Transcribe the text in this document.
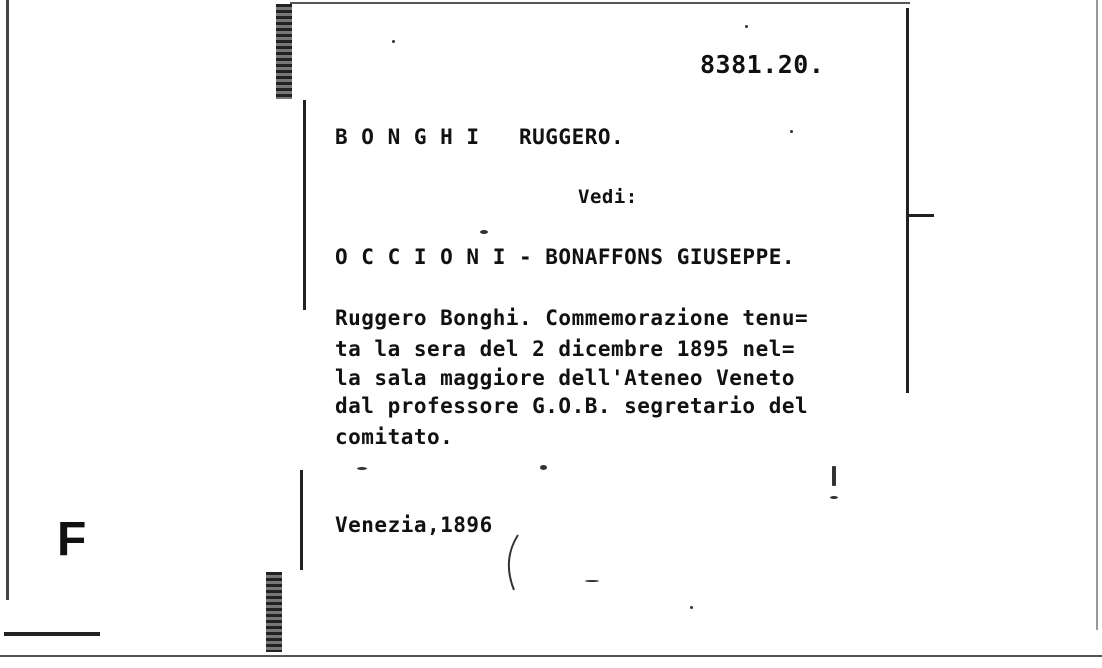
8381.20.
B O N G H I   RUGGERO.
Vedi:
O C C I O N I - BONAFFONS GIUSEPPE.
Ruggero Bonghi. Commemorazione tenu=
ta la sera del 2 dicembre 1895 nel=
la sala maggiore dell'Ateneo Veneto
dal professore G.O.B. segretario del
comitato.
Venezia,1896
F
